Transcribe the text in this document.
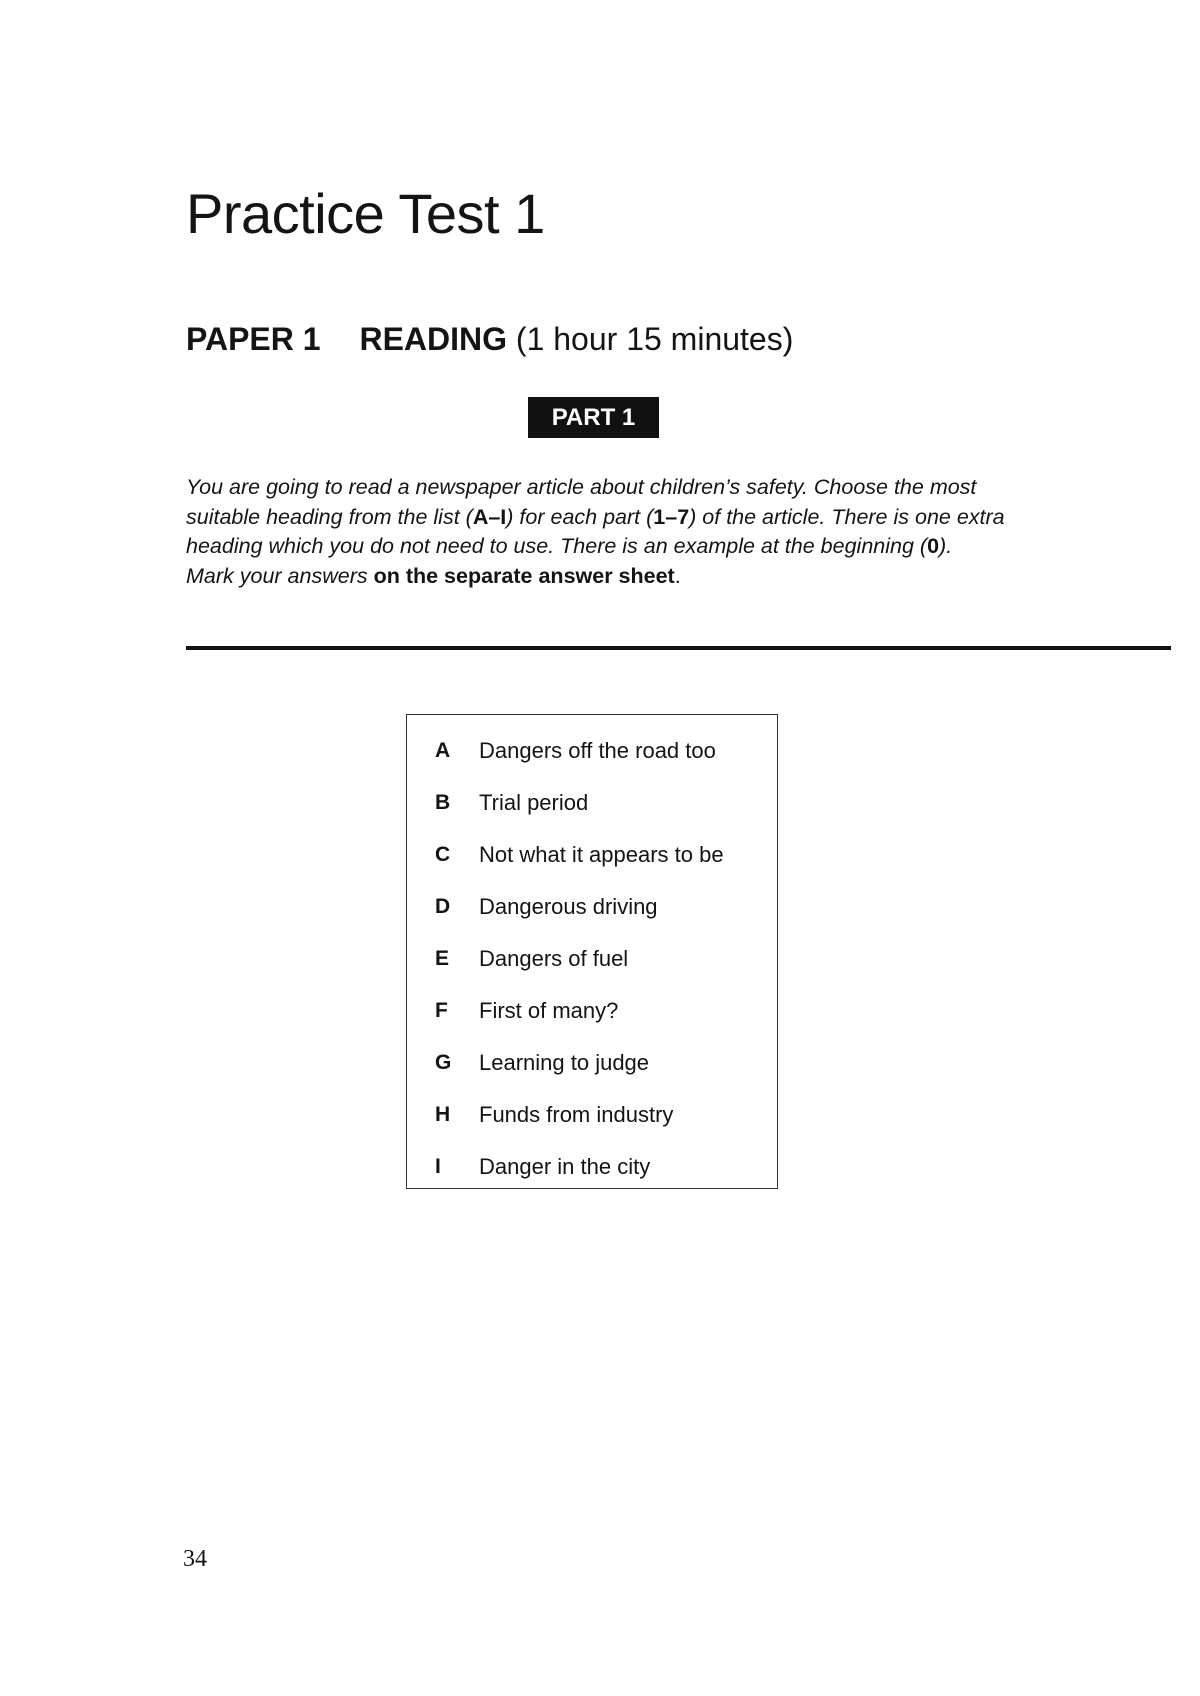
Practice Test 1
PAPER 1 READING (1 hour 15 minutes)
PART 1

You are going to read a newspaper article about children’s safety. Choose the most suitable heading from the list (A–I) for each part (1–7) of the article. There is one extra heading which you do not need to use. There is an example at the beginning (0).
Mark your answers on the separate answer sheet.

A	Dangers off the road too
B	Trial period
C	Not what it appears to be
D	Dangerous driving
E	Dangers of fuel
F	First of many?
G	Learning to judge
H	Funds from industry
I	Danger in the city
34
